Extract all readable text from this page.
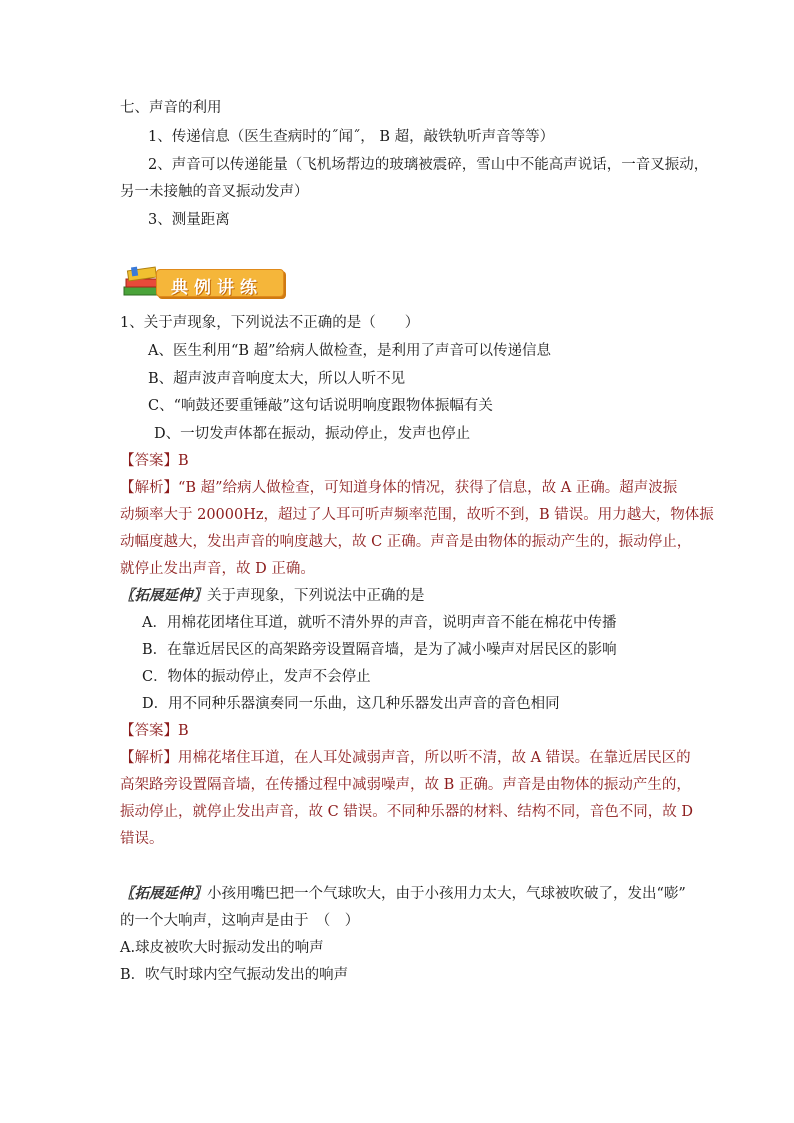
七、声音的利用
1、传递信息（医生查病时的˝闻˝， B 超，敲铁轨听声音等等）
2、声音可以传递能量（飞机场帮边的玻璃被震碎，雪山中不能高声说话，一音叉振动，
另一未接触的音叉振动发声）
3、测量距离
典例讲练
1、关于声现象，下列说法不正确的是（　　）
A、医生利用“B 超”给病人做检查，是利用了声音可以传递信息
B、超声波声音响度太大，所以人听不见
C、“响鼓还要重锤敲”这句话说明响度跟物体振幅有关
D、一切发声体都在振动，振动停止，发声也停止
【答案】B
【解析】“B 超”给病人做检查，可知道身体的情况，获得了信息，故 A 正确。超声波振
动频率大于 20000Hz，超过了人耳可听声频率范围，故听不到，B 错误。用力越大，物体振
动幅度越大，发出声音的响度越大，故 C 正确。声音是由物体的振动产生的，振动停止，
就停止发出声音，故 D 正确。
〖拓展延伸〗关于声现象，下列说法中正确的是
A．用棉花团堵住耳道，就听不清外界的声音，说明声音不能在棉花中传播
B．在靠近居民区的高架路旁设置隔音墙，是为了减小噪声对居民区的影响
C．物体的振动停止，发声不会停止
D．用不同种乐器演奏同一乐曲，这几种乐器发出声音的音色相同
【答案】B
【解析】用棉花堵住耳道，在人耳处减弱声音，所以听不清，故 A 错误。在靠近居民区的
高架路旁设置隔音墙，在传播过程中减弱噪声，故 B 正确。声音是由物体的振动产生的，
振动停止，就停止发出声音，故 C 错误。不同种乐器的材料、结构不同，音色不同，故 D
错误。
〖拓展延伸〗小孩用嘴巴把一个气球吹大，由于小孩用力太大，气球被吹破了，发出“嘭”
的一个大响声，这响声是由于　（　）
A.球皮被吹大时振动发出的响声
B．吹气时球内空气振动发出的响声
